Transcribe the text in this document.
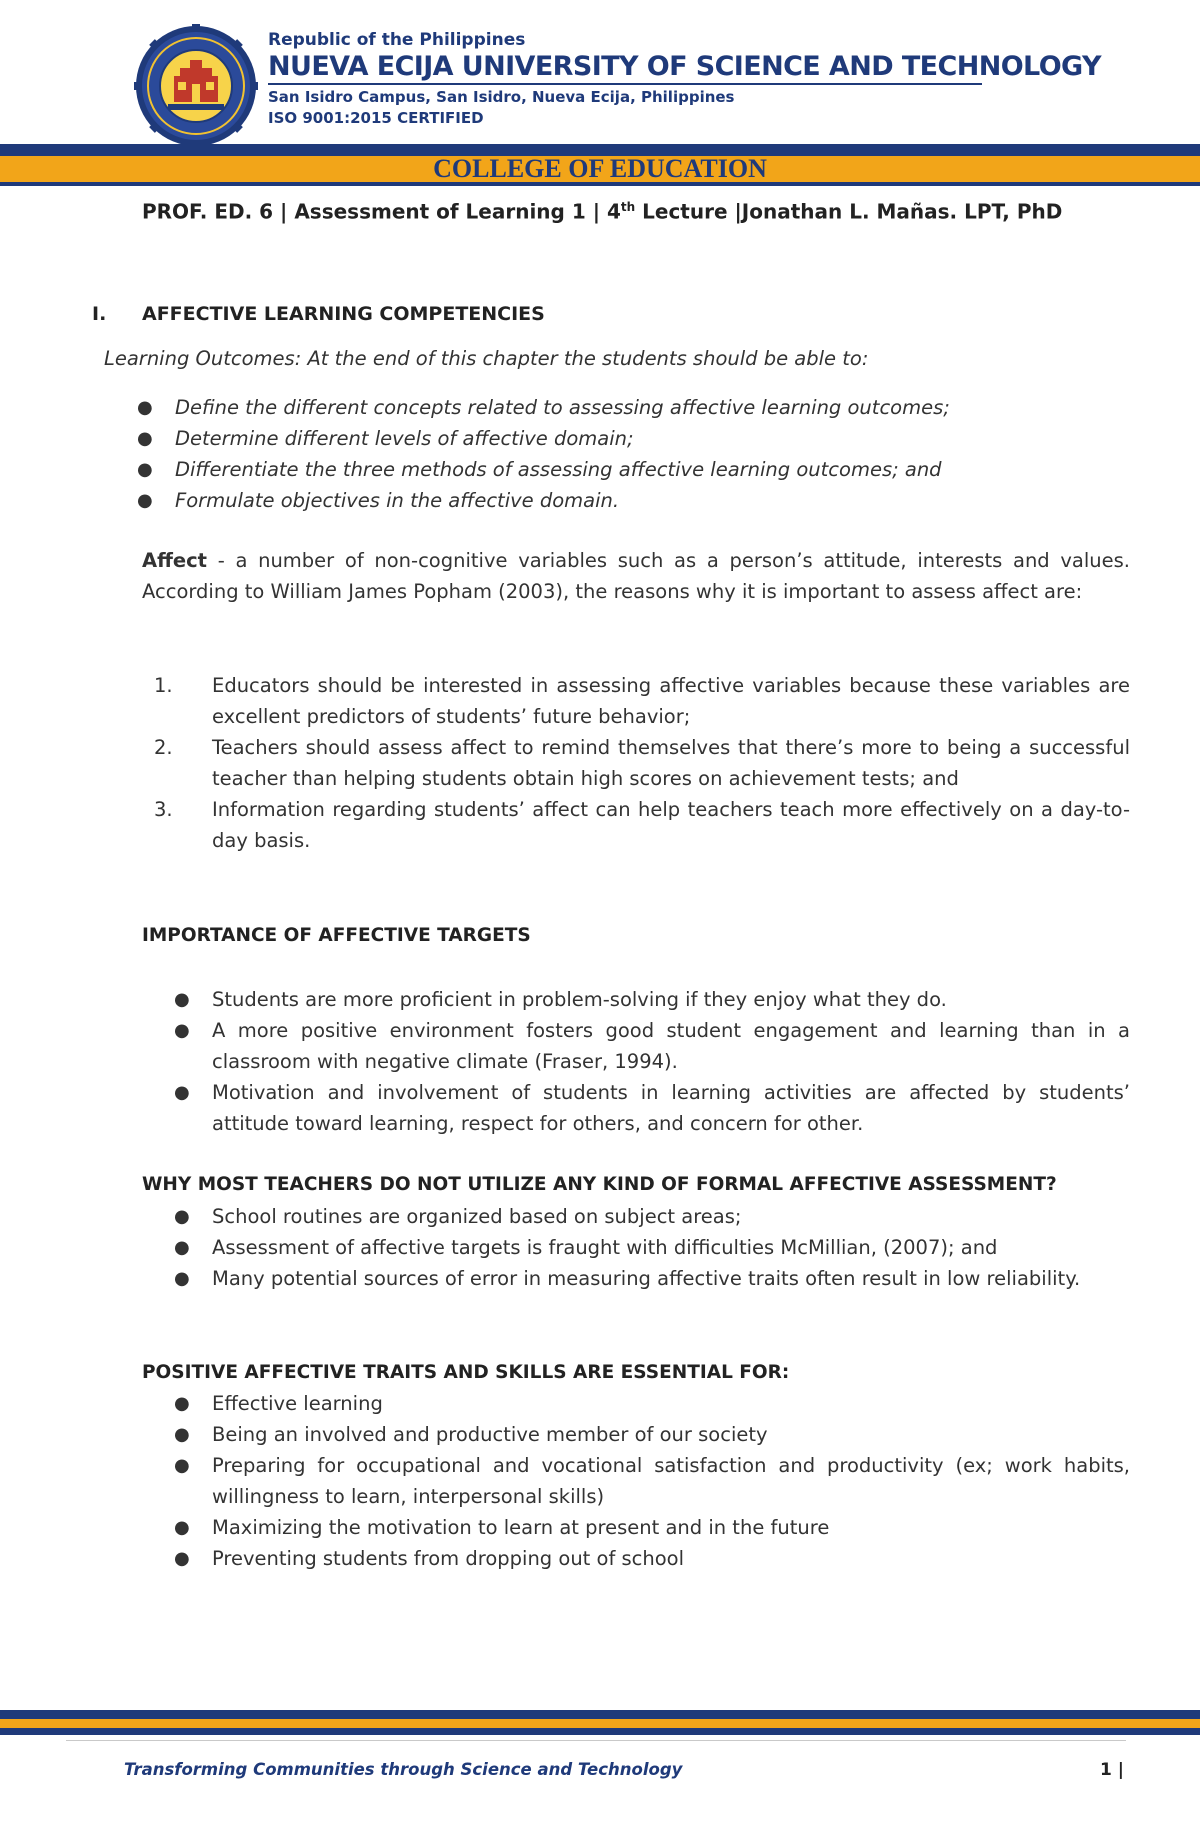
Republic of the Philippines
NUEVA ECIJA UNIVERSITY OF SCIENCE AND TECHNOLOGY
San Isidro Campus, San Isidro, Nueva Ecija, Philippines
ISO 9001:2015 CERTIFIED
COLLEGE OF EDUCATION
PROF. ED. 6 | Assessment of Learning 1 | 4th Lecture |Jonathan L. Mañas. LPT, PhD
I. AFFECTIVE LEARNING COMPETENCIES
Learning Outcomes: At the end of this chapter the students should be able to:
● Define the different concepts related to assessing affective learning outcomes;
● Determine different levels of affective domain;
● Differentiate the three methods of assessing affective learning outcomes; and
● Formulate objectives in the affective domain.
Affect - a number of non-cognitive variables such as a person’s attitude, interests and values. According to William James Popham (2003), the reasons why it is important to assess affect are:
1. Educators should be interested in assessing affective variables because these variables are excellent predictors of students’ future behavior;
2. Teachers should assess affect to remind themselves that there’s more to being a successful teacher than helping students obtain high scores on achievement tests; and
3. Information regarding students’ affect can help teachers teach more effectively on a day-to-day basis.
IMPORTANCE OF AFFECTIVE TARGETS
● Students are more proficient in problem-solving if they enjoy what they do.
● A more positive environment fosters good student engagement and learning than in a classroom with negative climate (Fraser, 1994).
● Motivation and involvement of students in learning activities are affected by students’ attitude toward learning, respect for others, and concern for other.
WHY MOST TEACHERS DO NOT UTILIZE ANY KIND OF FORMAL AFFECTIVE ASSESSMENT?
● School routines are organized based on subject areas;
● Assessment of affective targets is fraught with difficulties McMillian, (2007); and
● Many potential sources of error in measuring affective traits often result in low reliability.
POSITIVE AFFECTIVE TRAITS AND SKILLS ARE ESSENTIAL FOR:
● Effective learning
● Being an involved and productive member of our society
● Preparing for occupational and vocational satisfaction and productivity (ex; work habits, willingness to learn, interpersonal skills)
● Maximizing the motivation to learn at present and in the future
● Preventing students from dropping out of school
Transforming Communities through Science and Technology	1 |
